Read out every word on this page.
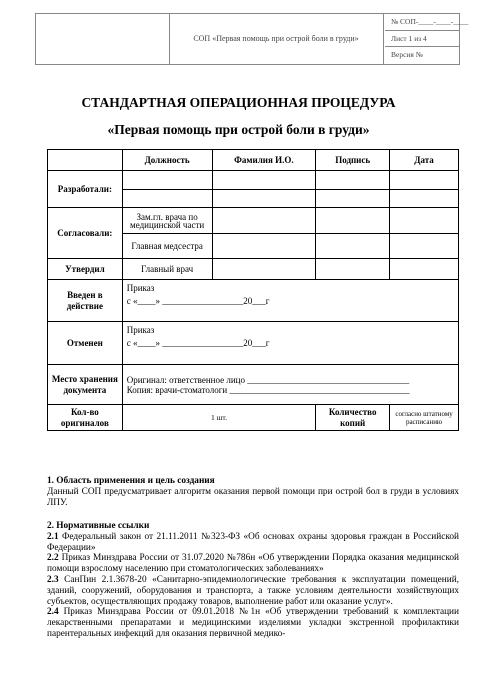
СОП «Первая помощь при острой боли в груди»
№ СОП-____-____-____
Лист 1 из 4
Версия №
СТАНДАРТНАЯ ОПЕРАЦИОННАЯ ПРОЦЕДУРА
«Первая помощь при острой боли в груди»
	Должность	Фамилия И.О.	Подпись	Дата
Разработали:				

Согласовали:	Зам.гл. врача по медицинской части			
	Главная медсестра			
Утвердил	Главный врач			
Введен в действие	Приказ
с «____» __________________20___г			

Отменен	Приказ
с «____» __________________20___г			

Место хранения документа	Оригинал: ответственное лицо ____________________________________
Копия: врачи-стоматологи ________________________________________			

Кол-во оригиналов	1 шт.		Количество копий	согласно штатному расписанию
1. Область применения и цель создания
Данный СОП предусматривает алгоритм оказания первой помощи при острой бол в груди в условиях ЛПУ.
2. Нормативные ссылки
2.1 Федеральный закон от 21.11.2011 №323-ФЗ «Об основах охраны здоровья граждан в Российской Федерации»
2.2 Приказ Минздрава России от 31.07.2020 №786н «Об утверждении Порядка оказания медицинской помощи взрослому населению при стоматологических заболеваниях»
2.3 СанПин 2.1.3678-20 «Санитарно-эпидемиологические требования к эксплуатации помещений, зданий, сооружений, оборудования и транспорта, а также условиям деятельности хозяйствующих субъектов, осуществляющих продажу товаров, выполнение работ или оказание услуг».
2.4 Приказ Минздрава России от 09.01.2018 №1н «Об утверждении требований к комплектации лекарственными препаратами и медицинскими изделиями укладки экстренной профилактики парентеральных инфекций для оказания первичной медико-
